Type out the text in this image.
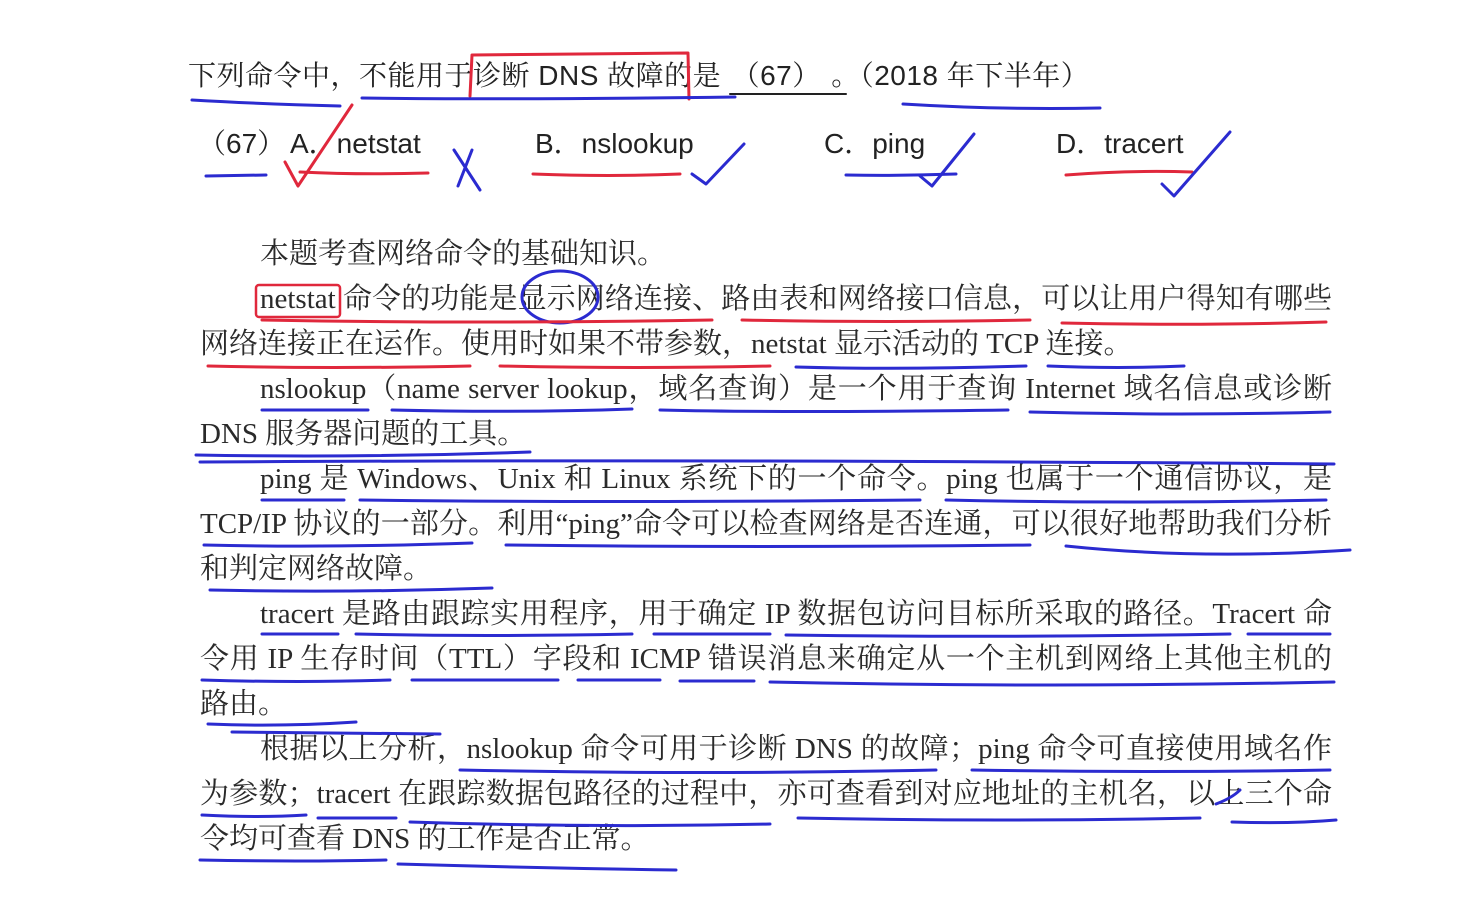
下列命令中，不能用于诊断 DNS 故障的是 （67） 。（2018 年下半年）
（67） A．netstat	B．nslookup	C．ping	D．tracert

本题考查网络命令的基础知识。

netstat 命令的功能是显示网络连接、路由表和网络接口信息，可以让用户得知有哪些网络连接正在运作。使用时如果不带参数，netstat 显示活动的 TCP 连接。

nslookup（name server lookup，域名查询）是一个用于查询 Internet 域名信息或诊断 DNS 服务器问题的工具。

ping 是 Windows、Unix 和 Linux 系统下的一个命令。ping 也属于一个通信协议，是 TCP/IP 协议的一部分。利用“ping”命令可以检查网络是否连通，可以很好地帮助我们分析和判定网络故障。

tracert 是路由跟踪实用程序，用于确定 IP 数据包访问目标所采取的路径。Tracert 命令用 IP 生存时间（TTL）字段和 ICMP 错误消息来确定从一个主机到网络上其他主机的路由。

根据以上分析，nslookup 命令可用于诊断 DNS 的故障；ping 命令可直接使用域名作为参数；tracert 在跟踪数据包路径的过程中，亦可查看到对应地址的主机名，以上三个命令均可查看 DNS 的工作是否正常。
